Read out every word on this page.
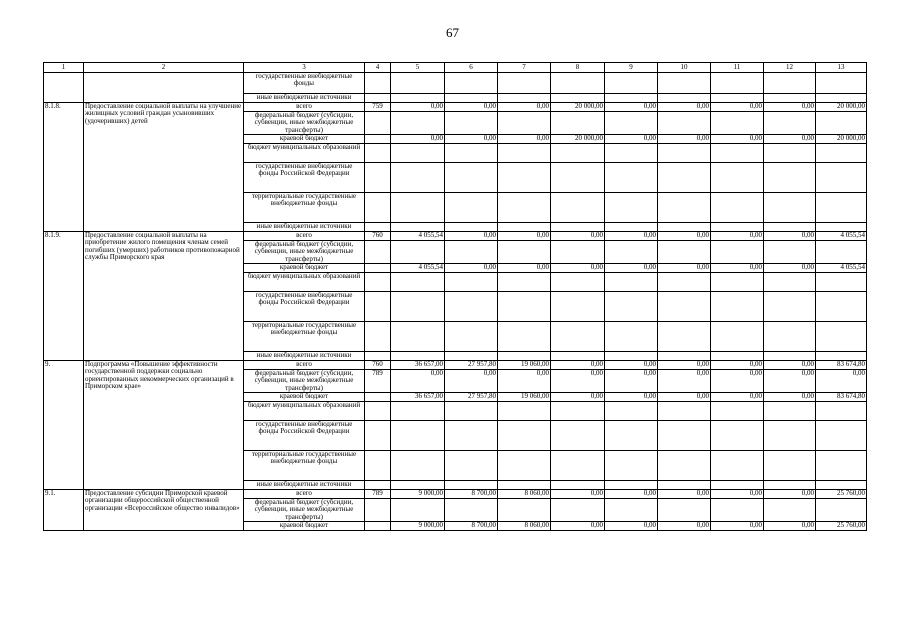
67
1	2	3	4	5	6	7	8	9	10	11	12	13
		государственные внебюджетные фонды										
		иные внебюджетные источники										
8.1.8.	Предоставление социальной выплаты на улучшение жилищных условий граждан усыновивших (удочеривших) детей	всего	759	0,00	0,00	0,00	20 000,00	0,00	0,00	0,00	0,00	20 000,00
		федеральный бюджет (субсидии, субвенции, иные межбюджетные трансферты)										
		краевой бюджет		0,00	0,00	0,00	20 000,00	0,00	0,00	0,00	0,00	20 000,00
		бюджет муниципальных образований										
		государственные внебюджетные фонды Российской Федерации										
		территориальные государственные внебюджетные фонды										
		иные внебюджетные источники										
8.1.9.	Предоставление социальной выплаты на приобретение жилого помещения членам семей погибших (умерших) работников противопожарной службы Приморского края	всего	760	4 055,54	0,00	0,00	0,00	0,00	0,00	0,00	0,00	4 055,54
		федеральный бюджет (субсидии, субвенции, иные межбюджетные трансферты)										
		краевой бюджет		4 055,54	0,00	0,00	0,00	0,00	0,00	0,00	0,00	4 055,54
		бюджет муниципальных образований										
		государственные внебюджетные фонды Российской Федерации										
		территориальные государственные внебюджетные фонды										
		иные внебюджетные источники										
9.	Подпрограмма «Повышение эффективности государственной поддержки социально ориентированных некоммерческих организаций в Приморском крае»	всего	760	36 657,00	27 957,80	19 060,00	0,00	0,00	0,00	0,00	0,00	83 674,80
		федеральный бюджет (субсидии, субвенции, иные межбюджетные трансферты)	789	0,00	0,00	0,00	0,00	0,00	0,00	0,00	0,00	0,00
		краевой бюджет		36 657,00	27 957,80	19 060,00	0,00	0,00	0,00	0,00	0,00	83 674,80
		бюджет муниципальных образований										
		государственные внебюджетные фонды Российской Федерации										
		территориальные государственные внебюджетные фонды										
		иные внебюджетные источники										
9.1.	Предоставление субсидии Приморской краевой организации общероссийской общественной организации «Всероссийское общество инвалидов»	всего	789	9 000,00	8 700,00	8 060,00	0,00	0,00	0,00	0,00	0,00	25 760,00
		федеральный бюджет (субсидии, субвенции, иные межбюджетные трансферты)										
		краевой бюджет		9 000,00	8 700,00	8 060,00	0,00	0,00	0,00	0,00	0,00	25 760,00
